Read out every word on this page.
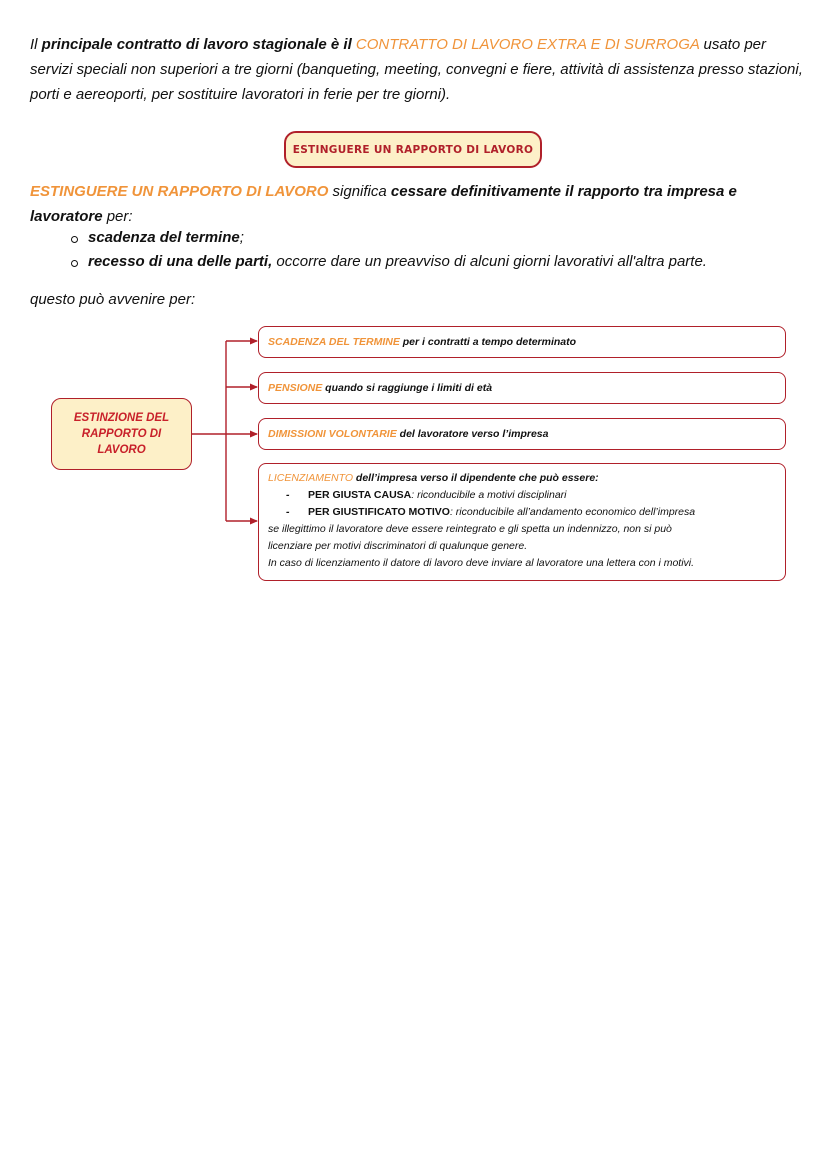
Il principale contratto di lavoro stagionale è il CONTRATTO DI LAVORO EXTRA E DI SURROGA usato per servizi speciali non superiori a tre giorni (banqueting, meeting, convegni e fiere, attività di assistenza presso stazioni, porti e aereoporti, per sostituire lavoratori in ferie per tre giorni).
ESTINGUERE UN RAPPORTO DI LAVORO
ESTINGUERE UN RAPPORTO DI LAVORO significa cessare definitivamente il rapporto tra impresa e lavoratore per:
scadenza del termine;
recesso di una delle parti, occorre dare un preavviso di alcuni giorni lavorativi all'altra parte.
questo può avvenire per:
ESTINZIONE DEL RAPPORTO DI LAVORO
SCADENZA DEL TERMINE per i contratti a tempo determinato
PENSIONE quando si raggiunge i limiti di età
DIMISSIONI VOLONTARIE del lavoratore verso l’impresa
LICENZIAMENTO dell’impresa verso il dipendente che può essere:
- PER GIUSTA CAUSA: riconducibile a motivi disciplinari
- PER GIUSTIFICATO MOTIVO: riconducibile all’andamento economico dell’impresa
se illegittimo il lavoratore deve essere reintegrato e gli spetta un indennizzo, non si può
licenziare per motivi discriminatori di qualunque genere.
In caso di licenziamento il datore di lavoro deve inviare al lavoratore una lettera con i motivi.
